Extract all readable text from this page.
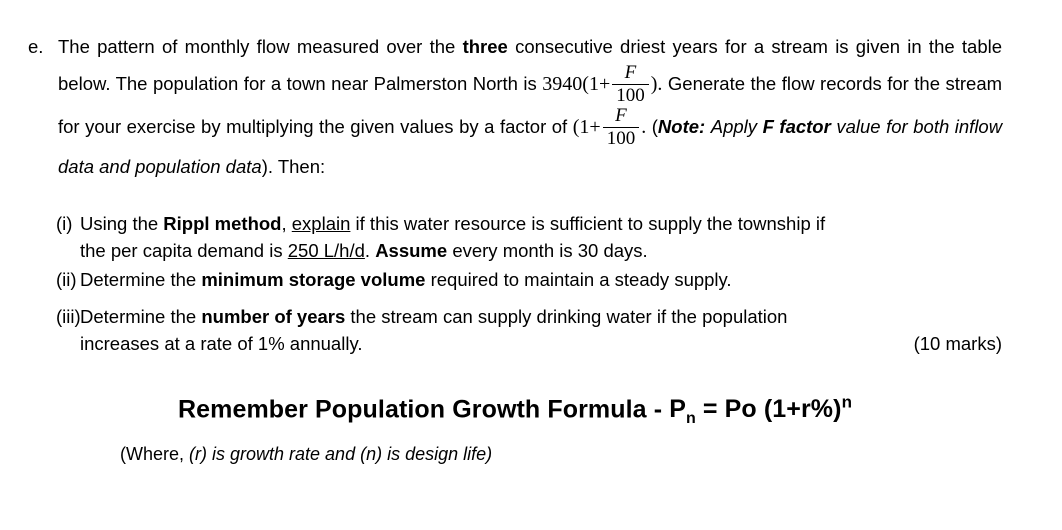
e. The pattern of monthly flow measured over the three consecutive driest years for a stream is given in the table below. The population for a town near Palmerston North is $3940(1+ \frac{F}{100}$ ). Generate the flow records for the stream for your exercise by multiplying the given values by a factor of ($1+ \frac{F}{100}$ . (Note: Apply F factor value for both inflow data and population data). Then:
(i) Using the Rippl method, explain if this water resource is sufficient to supply the township if
the per capita demand is 250 L/h/d. Assume every month is 30 days.
(ii) Determine the minimum storage volume required to maintain a steady supply.
(iii) Determine the number of years the stream can supply drinking water if the population
(10 marks)
increases at a rate of 1% annually.
Remember Population Growth Formula - $P_n = Po$ $(1+r\%)^n$
(Where, (r) is growth rate and (n) is design life)
